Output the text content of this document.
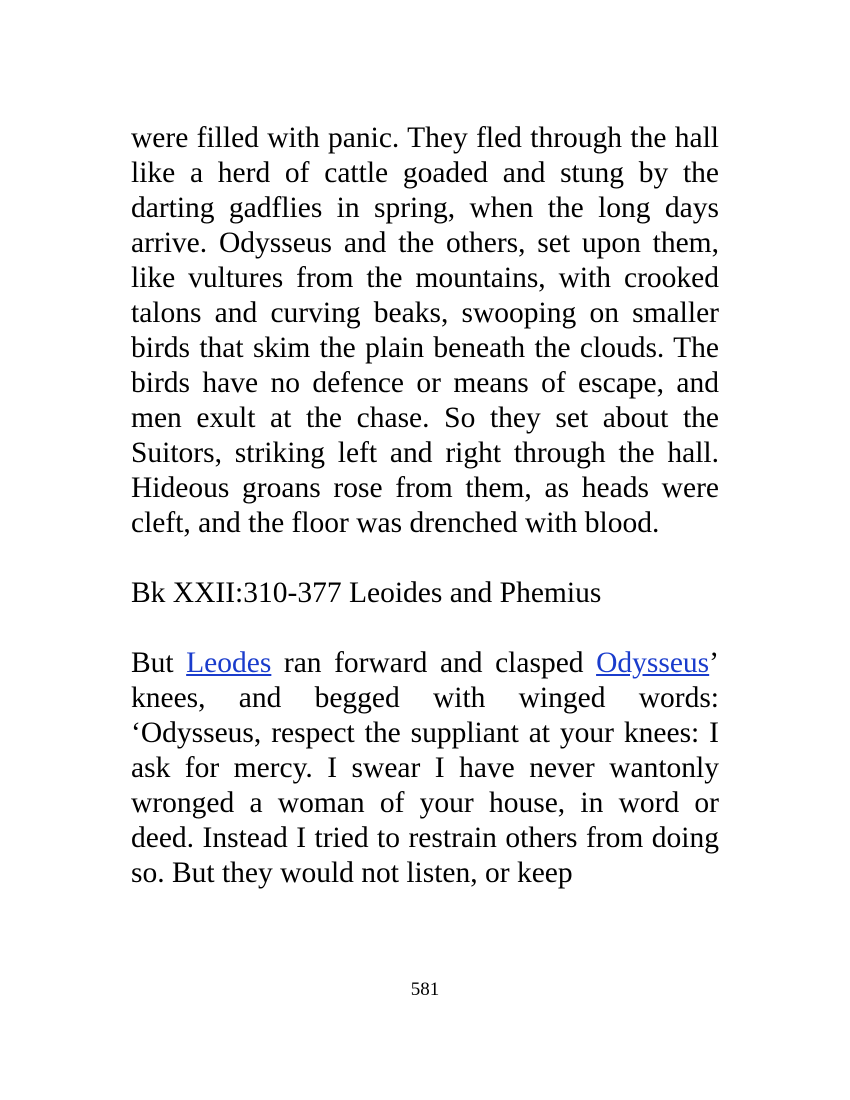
were filled with panic. They fled through the hall like a herd of cattle goaded and stung by the darting gadflies in spring, when the long days arrive. Odysseus and the others, set upon them, like vultures from the mountains, with crooked talons and curving beaks, swooping on smaller birds that skim the plain beneath the clouds. The birds have no defence or means of escape, and men exult at the chase. So they set about the Suitors, striking left and right through the hall. Hideous groans rose from them, as heads were cleft, and the floor was drenched with blood.

Bk XXII:310-377 Leoides and Phemius

But Leodes ran forward and clasped Odysseus’ knees, and begged with winged words: ‘Odysseus, respect the suppliant at your knees: I ask for mercy. I swear I have never wantonly wronged a woman of your house, in word or deed. Instead I tried to restrain others from doing so. But they would not listen, or keep

581
